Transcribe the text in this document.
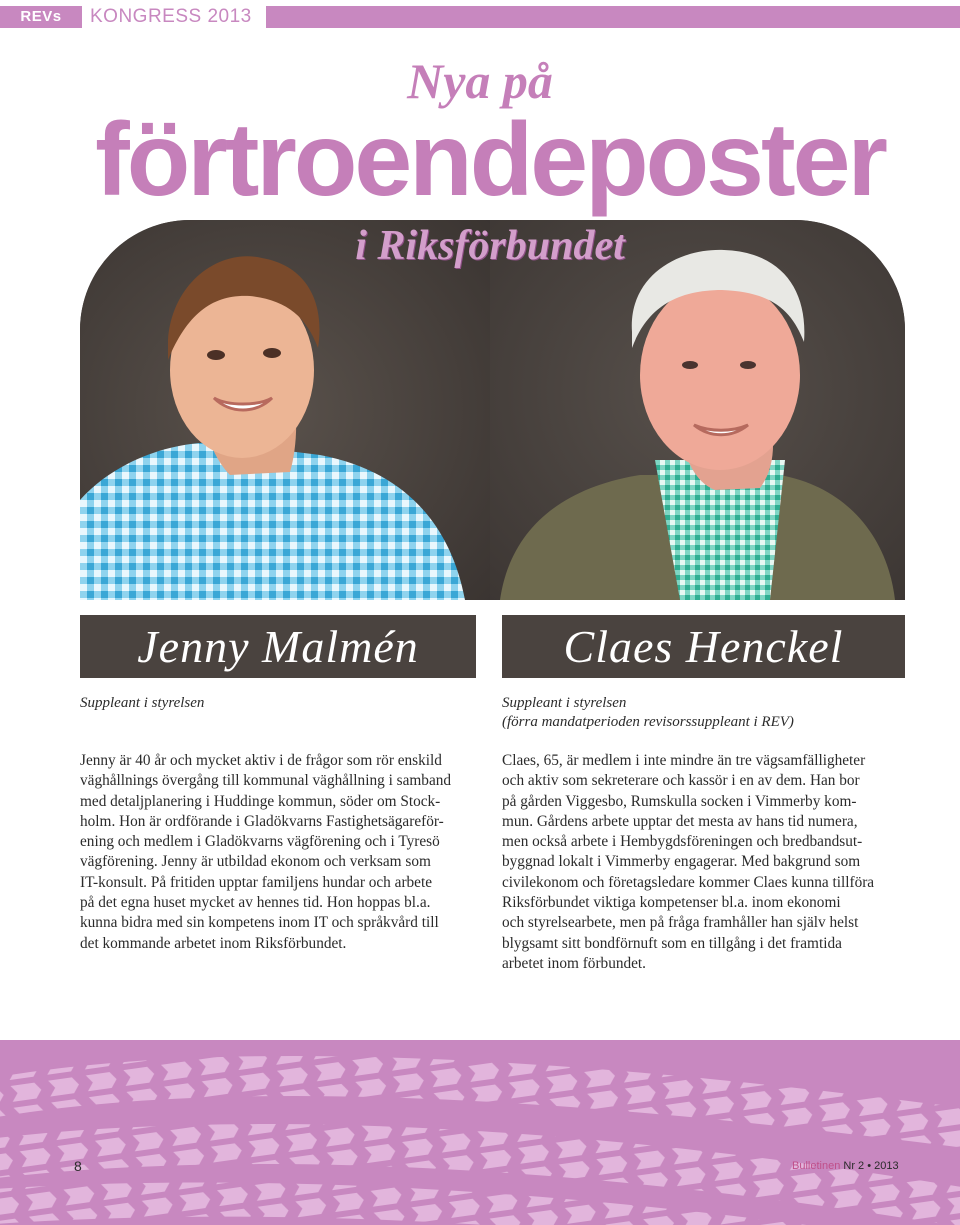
REVs	KONGRESS 2013
Nya på
förtroendeposter
i Riksförbundet
Jenny Malmén	Claes Henckel
Suppleant i styrelsen	Suppleant i styrelsen
(förra mandatperioden revisorssuppleant i REV)
Jenny är 40 år och mycket aktiv i de frågor som rör enskild
väghållnings övergång till kommunal väghållning i samband
med detaljplanering i Huddinge kommun, söder om Stock-
holm. Hon är ordförande i Gladökvarns Fastighetsägareför-
ening och medlem i Gladökvarns vägförening och i Tyresö
vägförening. Jenny är utbildad ekonom och verksam som
IT-konsult. På fritiden upptar familjens hundar och arbete
på det egna huset mycket av hennes tid. Hon hoppas bl.a.
kunna bidra med sin kompetens inom IT och språkvård till
det kommande arbetet inom Riksförbundet.
Claes, 65, är medlem i inte mindre än tre vägsamfälligheter
och aktiv som sekreterare och kassör i en av dem. Han bor
på gården Viggesbo, Rumskulla socken i Vimmerby kom-
mun. Gårdens arbete upptar det mesta av hans tid numera,
men också arbete i Hembygdsföreningen och bredbandsut-
byggnad lokalt i Vimmerby engagerar. Med bakgrund som
civilekonom och företagsledare kommer Claes kunna tillföra
Riksförbundet viktiga kompetenser bl.a. inom ekonomi
och styrelsearbete, men på fråga framhåller han själv helst
blygsamt sitt bondförnuft som en tillgång i det framtida
arbetet inom förbundet.
8	Bulletinen Nr 2 • 2013
